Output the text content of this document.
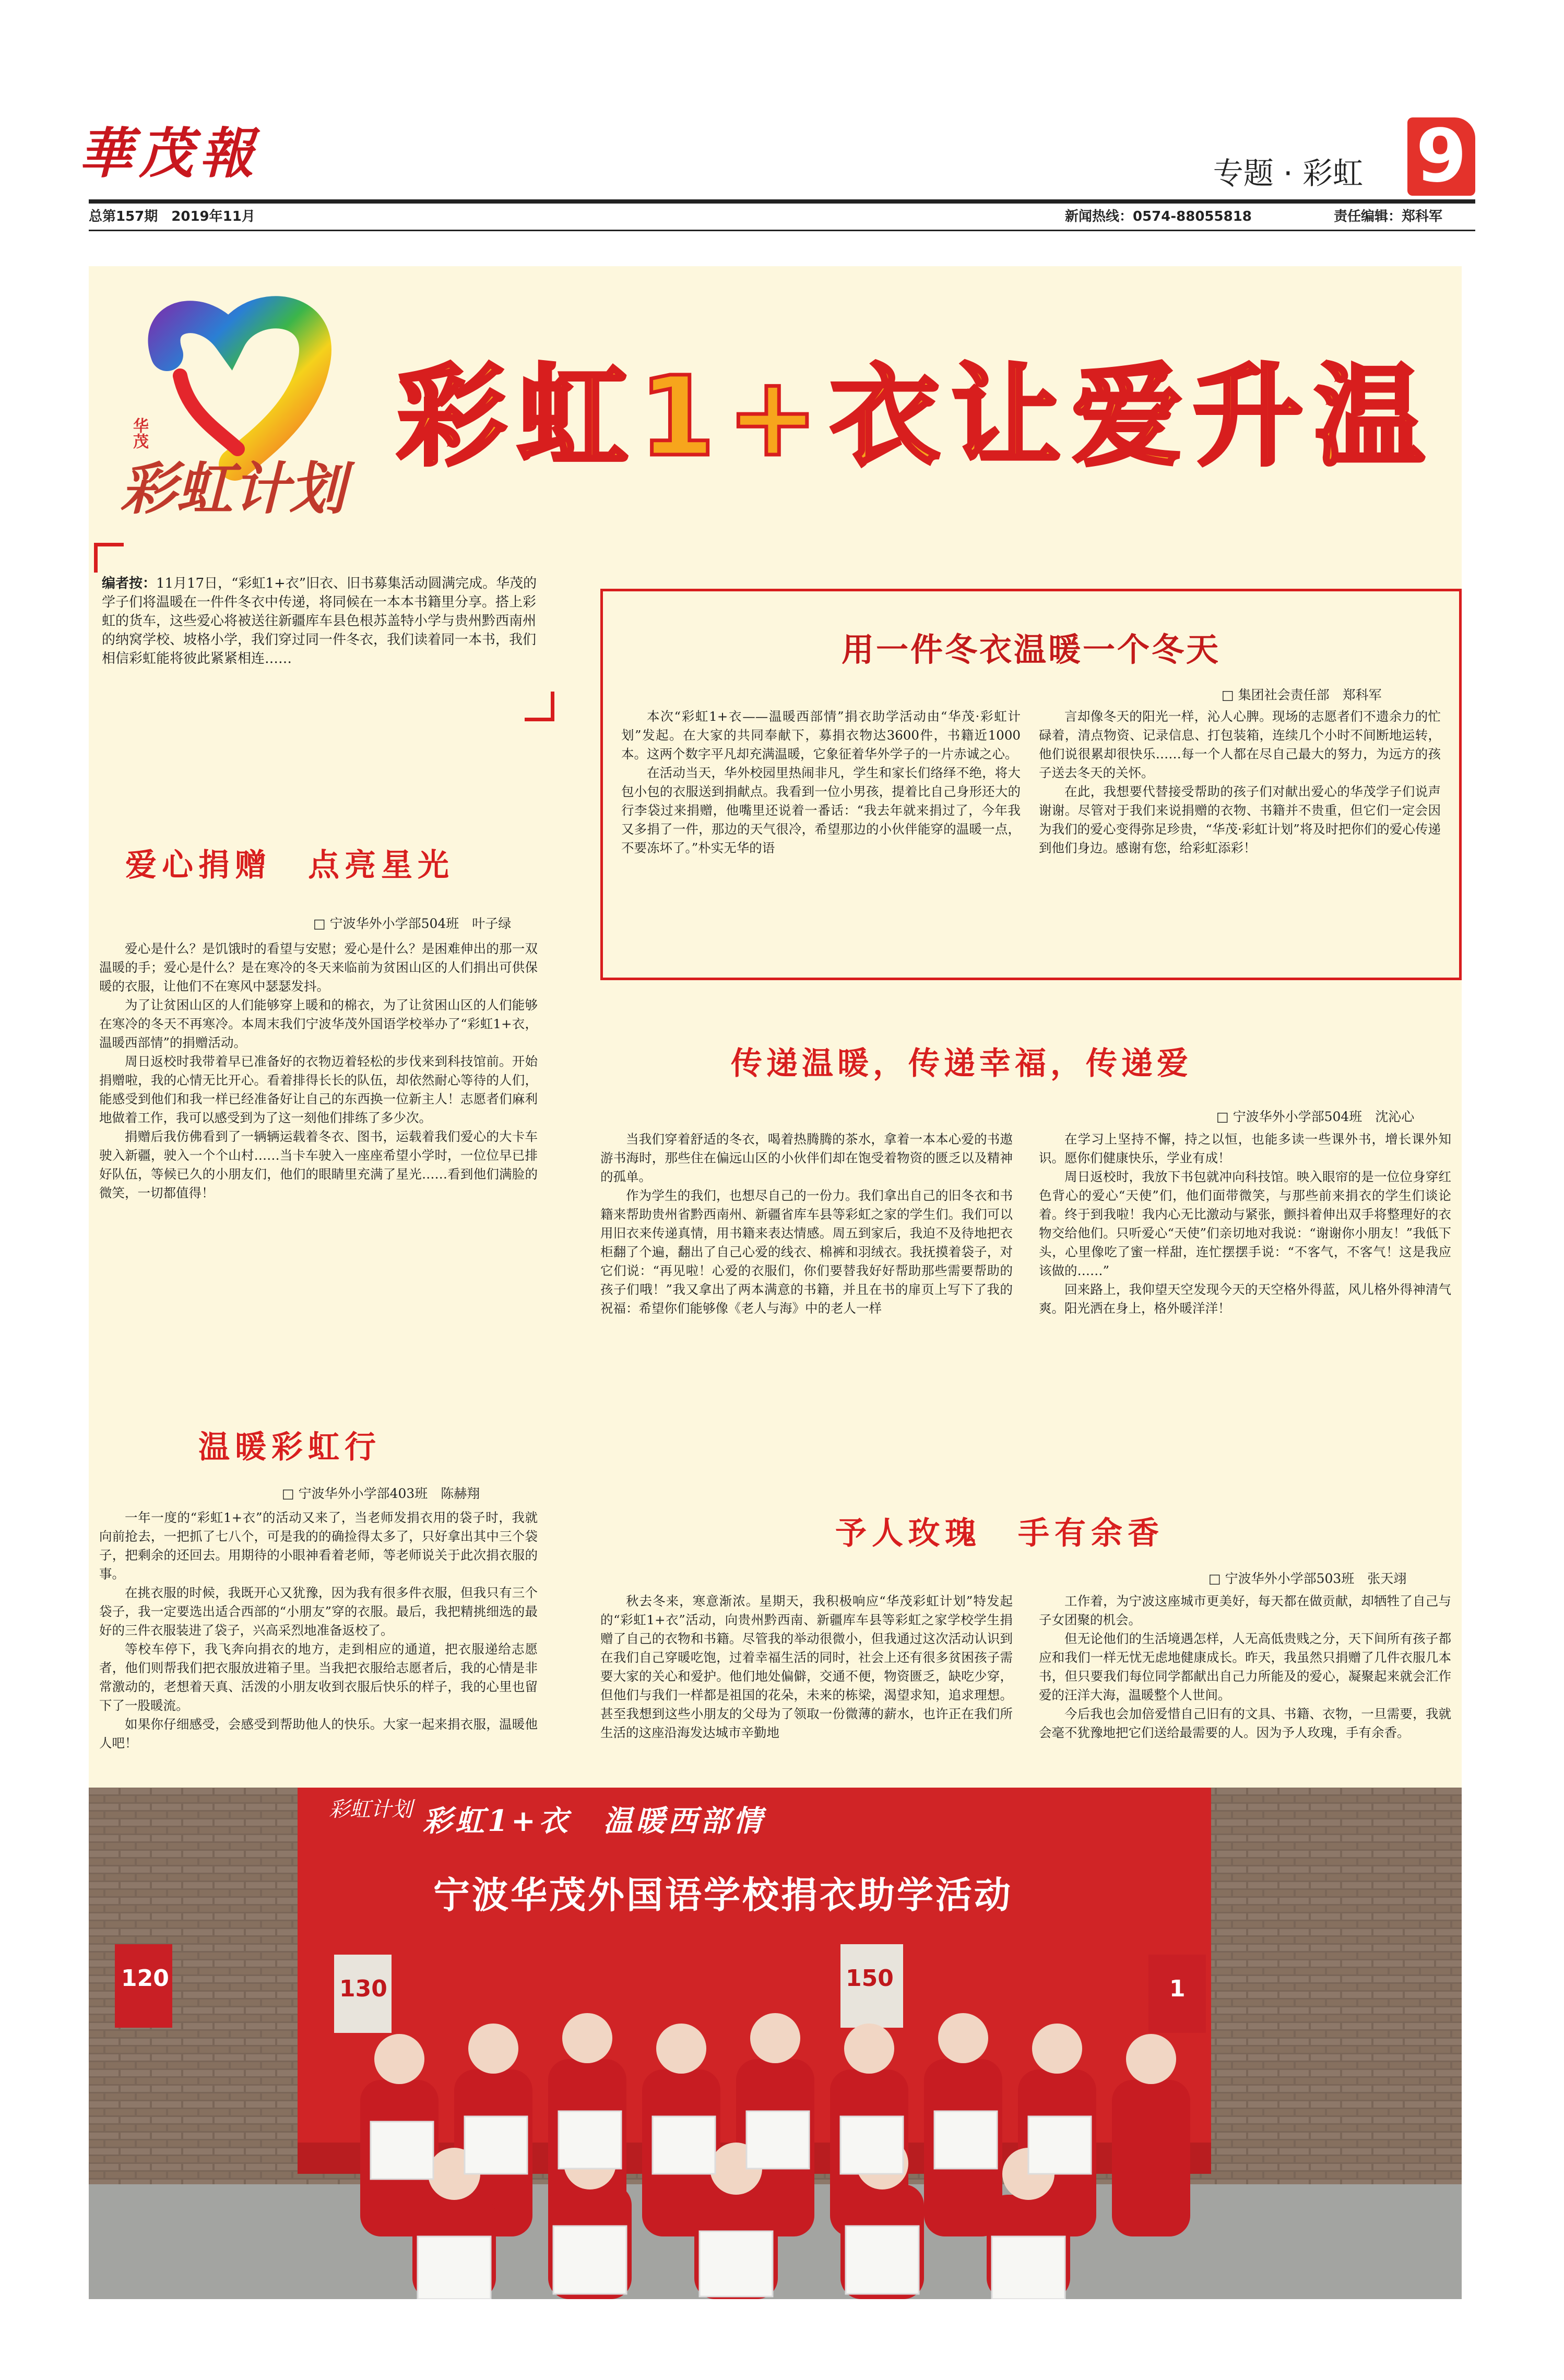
華茂報	专题 · 彩虹 9
总第157期　2019年11月	新闻热线：0574-88055818	责任编辑：郑科军
华茂
彩虹计划
彩虹1+衣让爱升温
编者按：11月17日，“彩虹1+衣”旧衣、旧书募集活动圆满完成。华茂的学子们将温暖在一件件冬衣中传递，将同候在一本本书籍里分享。搭上彩虹的货车，这些爱心将被送往新疆库车县色根苏盖特小学与贵州黔西南州的纳窝学校、坡格小学，我们穿过同一件冬衣，我们读着同一本书，我们相信彩虹能将彼此紧紧相连……	用一件冬衣温暖一个冬天
□ 集团社会责任部　郑科军

本次“彩虹1+衣——温暖西部情”捐衣助学活动由“华茂·彩虹计划”发起。在大家的共同奉献下，募捐衣物达3600件，书籍近1000本。这两个数字平凡却充满温暖，它象征着华外学子的一片赤诚之心。

在活动当天，华外校园里热闹非凡，学生和家长们络绎不绝，将大包小包的衣服送到捐献点。我看到一位小男孩，提着比自己身形还大的行李袋过来捐赠，他嘴里还说着一番话：“我去年就来捐过了，今年我又多捐了一件，那边的天气很冷，希望那边的小伙伴能穿的温暖一点，不要冻坏了。”朴实无华的语

言却像冬天的阳光一样，沁人心脾。现场的志愿者们不遗余力的忙碌着，清点物资、记录信息、打包装箱，连续几个小时不间断地运转，他们说很累却很快乐……每一个人都在尽自己最大的努力，为远方的孩子送去冬天的关怀。

在此，我想要代替接受帮助的孩子们对献出爱心的华茂学子们说声谢谢。尽管对于我们来说捐赠的衣物、书籍并不贵重，但它们一定会因为我们的爱心变得弥足珍贵，“华茂·彩虹计划”将及时把你们的爱心传递到他们身边。感谢有您，给彩虹添彩！

爱心捐赠　点亮星光
□ 宁波华外小学部504班　叶子绿

爱心是什么？是饥饿时的看望与安慰；爱心是什么？是困难伸出的那一双温暖的手；爱心是什么？是在寒冷的冬天来临前为贫困山区的人们捐出可供保暖的衣服，让他们不在寒风中瑟瑟发抖。

为了让贫困山区的人们能够穿上暖和的棉衣，为了让贫困山区的人们能够在寒冷的冬天不再寒冷。本周末我们宁波华茂外国语学校举办了“彩虹1+衣，温暖西部情”的捐赠活动。

周日返校时我带着早已准备好的衣物迈着轻松的步伐来到科技馆前。开始捐赠啦，我的心情无比开心。看着排得长长的队伍，却依然耐心等待的人们，能感受到他们和我一样已经准备好让自己的东西换一位新主人！志愿者们麻利地做着工作，我可以感受到为了这一刻他们排练了多少次。

捐赠后我仿佛看到了一辆辆运载着冬衣、图书，运载着我们爱心的大卡车驶入新疆，驶入一个个山村……当卡车驶入一座座希望小学时，一位位早已排好队伍，等候已久的小朋友们，他们的眼睛里充满了星光……看到他们满脸的微笑，一切都值得！

传递温暖，传递幸福，传递爱
□ 宁波华外小学部504班　沈沁心

当我们穿着舒适的冬衣，喝着热腾腾的茶水，拿着一本本心爱的书遨游书海时，那些住在偏远山区的小伙伴们却在饱受着物资的匮乏以及精神的孤单。

作为学生的我们，也想尽自己的一份力。我们拿出自己的旧冬衣和书籍来帮助贵州省黔西南州、新疆省库车县等彩虹之家的学生们。我们可以用旧衣来传递真情，用书籍来表达情感。周五到家后，我迫不及待地把衣柜翻了个遍，翻出了自己心爱的线衣、棉裤和羽绒衣。我抚摸着袋子，对它们说：“再见啦！心爱的衣服们，你们要替我好好帮助那些需要帮助的孩子们哦！”我又拿出了两本满意的书籍，并且在书的扉页上写下了我的祝福：希望你们能够像《老人与海》中的老人一样

在学习上坚持不懈，持之以恒，也能多读一些课外书，增长课外知识。愿你们健康快乐，学业有成！

周日返校时，我放下书包就冲向科技馆。映入眼帘的是一位位身穿红色背心的爱心“天使”们，他们面带微笑，与那些前来捐衣的学生们谈论着。终于到我啦！我内心无比激动与紧张，颤抖着伸出双手将整理好的衣物交给他们。只听爱心“天使”们亲切地对我说：“谢谢你小朋友！”我低下头，心里像吃了蜜一样甜，连忙摆摆手说：“不客气，不客气！这是我应该做的……”

回来路上，我仰望天空发现今天的天空格外得蓝，风儿格外得神清气爽。阳光洒在身上，格外暖洋洋！

温暖彩虹行
□ 宁波华外小学部403班　陈赫翔

一年一度的“彩虹1+衣”的活动又来了，当老师发捐衣用的袋子时，我就向前抢去，一把抓了七八个，可是我的的确捡得太多了，只好拿出其中三个袋子，把剩余的还回去。用期待的小眼神看着老师，等老师说关于此次捐衣服的事。

在挑衣服的时候，我既开心又犹豫，因为我有很多件衣服，但我只有三个袋子，我一定要选出适合西部的“小朋友”穿的衣服。最后，我把精挑细选的最好的三件衣服装进了袋子，兴高采烈地准备返校了。

等校车停下，我飞奔向捐衣的地方，走到相应的通道，把衣服递给志愿者，他们则帮我们把衣服放进箱子里。当我把衣服给志愿者后，我的心情是非常激动的，老想着天真、活泼的小朋友收到衣服后快乐的样子，我的心里也留下了一股暖流。

如果你仔细感受，会感受到帮助他人的快乐。大家一起来捐衣服，温暖他人吧！

予人玫瑰　手有余香
□ 宁波华外小学部503班　张天翊

秋去冬来，寒意渐浓。星期天，我积极响应“华茂彩虹计划”特发起的“彩虹1+衣”活动，向贵州黔西南、新疆库车县等彩虹之家学校学生捐赠了自己的衣物和书籍。尽管我的举动很微小，但我通过这次活动认识到在我们自己穿暖吃饱，过着幸福生活的同时，社会上还有很多贫困孩子需要大家的关心和爱护。他们地处偏僻，交通不便，物资匮乏，缺吃少穿，但他们与我们一样都是祖国的花朵，未来的栋梁，渴望求知，追求理想。甚至我想到这些小朋友的父母为了领取一份微薄的薪水，也许正在我们所生活的这座沿海发达城市辛勤地

工作着，为宁波这座城市更美好，每天都在做贡献，却牺牲了自己与子女团聚的机会。

但无论他们的生活境遇怎样，人无高低贵贱之分，天下间所有孩子都应和我们一样无忧无虑地健康成长。昨天，我虽然只捐赠了几件衣服几本书，但只要我们每位同学都献出自己力所能及的爱心，凝聚起来就会汇作爱的汪洋大海，温暖整个人世间。

今后我也会加倍爱惜自己旧有的文具、书籍、衣物，一旦需要，我就会毫不犹豫地把它们送给最需要的人。因为予人玫瑰，手有余香。

彩虹1+衣　温暖西部情
彩虹计划
宁波华茂外国语学校捐衣助学活动
120	130	150	1
